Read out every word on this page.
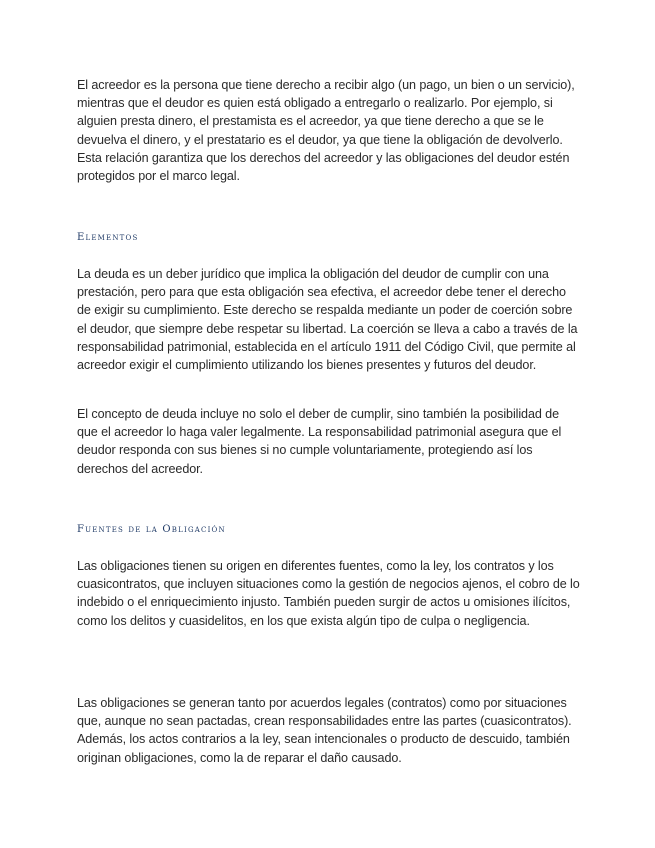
El acreedor es la persona que tiene derecho a recibir algo (un pago, un bien o un servicio), mientras que el deudor es quien está obligado a entregarlo o realizarlo. Por ejemplo, si alguien presta dinero, el prestamista es el acreedor, ya que tiene derecho a que se le devuelva el dinero, y el prestatario es el deudor, ya que tiene la obligación de devolverlo. Esta relación garantiza que los derechos del acreedor y las obligaciones del deudor estén protegidos por el marco legal.

Elementos

La deuda es un deber jurídico que implica la obligación del deudor de cumplir con una prestación, pero para que esta obligación sea efectiva, el acreedor debe tener el derecho de exigir su cumplimiento. Este derecho se respalda mediante un poder de coerción sobre el deudor, que siempre debe respetar su libertad. La coerción se lleva a cabo a través de la responsabilidad patrimonial, establecida en el artículo 1911 del Código Civil, que permite al acreedor exigir el cumplimiento utilizando los bienes presentes y futuros del deudor.

El concepto de deuda incluye no solo el deber de cumplir, sino también la posibilidad de que el acreedor lo haga valer legalmente. La responsabilidad patrimonial asegura que el deudor responda con sus bienes si no cumple voluntariamente, protegiendo así los derechos del acreedor.

Fuentes de la Obligación

Las obligaciones tienen su origen en diferentes fuentes, como la ley, los contratos y los cuasicontratos, que incluyen situaciones como la gestión de negocios ajenos, el cobro de lo indebido o el enriquecimiento injusto. También pueden surgir de actos u omisiones ilícitos, como los delitos y cuasidelitos, en los que exista algún tipo de culpa o negligencia.

Las obligaciones se generan tanto por acuerdos legales (contratos) como por situaciones que, aunque no sean pactadas, crean responsabilidades entre las partes (cuasicontratos). Además, los actos contrarios a la ley, sean intencionales o producto de descuido, también originan obligaciones, como la de reparar el daño causado.
